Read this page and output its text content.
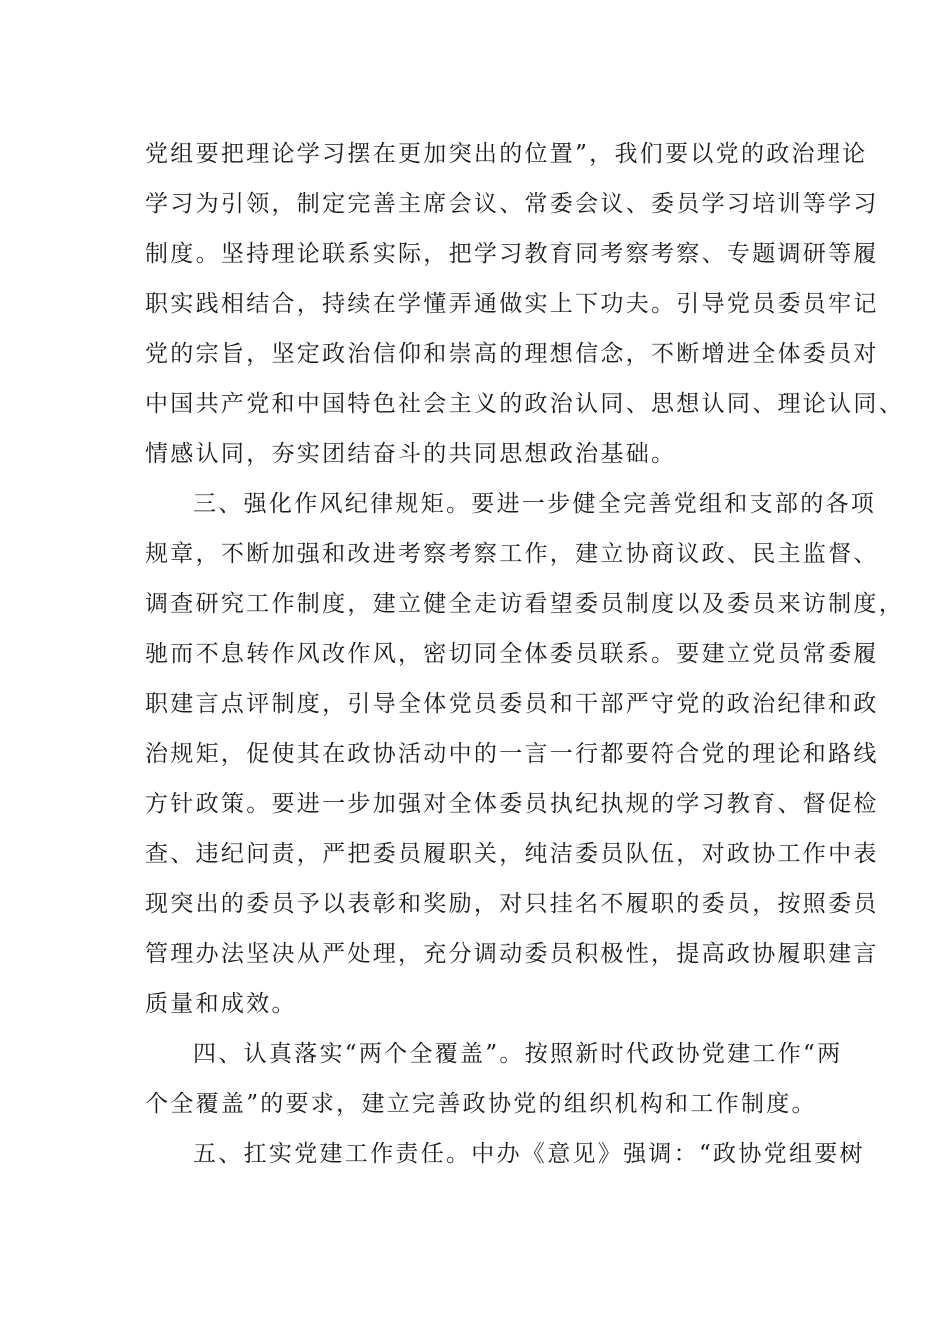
党组要把理论学习摆在更加突出的位置”，我们要以党的政治理论
学习为引领，制定完善主席会议、常委会议、委员学习培训等学习
制度。坚持理论联系实际，把学习教育同考察考察、专题调研等履
职实践相结合，持续在学懂弄通做实上下功夫。引导党员委员牢记
党的宗旨，坚定政治信仰和崇高的理想信念，不断增进全体委员对
中国共产党和中国特色社会主义的政治认同、思想认同、理论认同、
情感认同，夯实团结奋斗的共同思想政治基础。
三、强化作风纪律规矩。要进一步健全完善党组和支部的各项
规章，不断加强和改进考察考察工作，建立协商议政、民主监督、
调查研究工作制度，建立健全走访看望委员制度以及委员来访制度，
驰而不息转作风改作风，密切同全体委员联系。要建立党员常委履
职建言点评制度，引导全体党员委员和干部严守党的政治纪律和政
治规矩，促使其在政协活动中的一言一行都要符合党的理论和路线
方针政策。要进一步加强对全体委员执纪执规的学习教育、督促检
查、违纪问责，严把委员履职关，纯洁委员队伍，对政协工作中表
现突出的委员予以表彰和奖励，对只挂名不履职的委员，按照委员
管理办法坚决从严处理，充分调动委员积极性，提高政协履职建言
质量和成效。
四、认真落实“两个全覆盖”。按照新时代政协党建工作“两
个全覆盖”的要求，建立完善政协党的组织机构和工作制度。
五、扛实党建工作责任。中办《意见》强调：“政协党组要树
